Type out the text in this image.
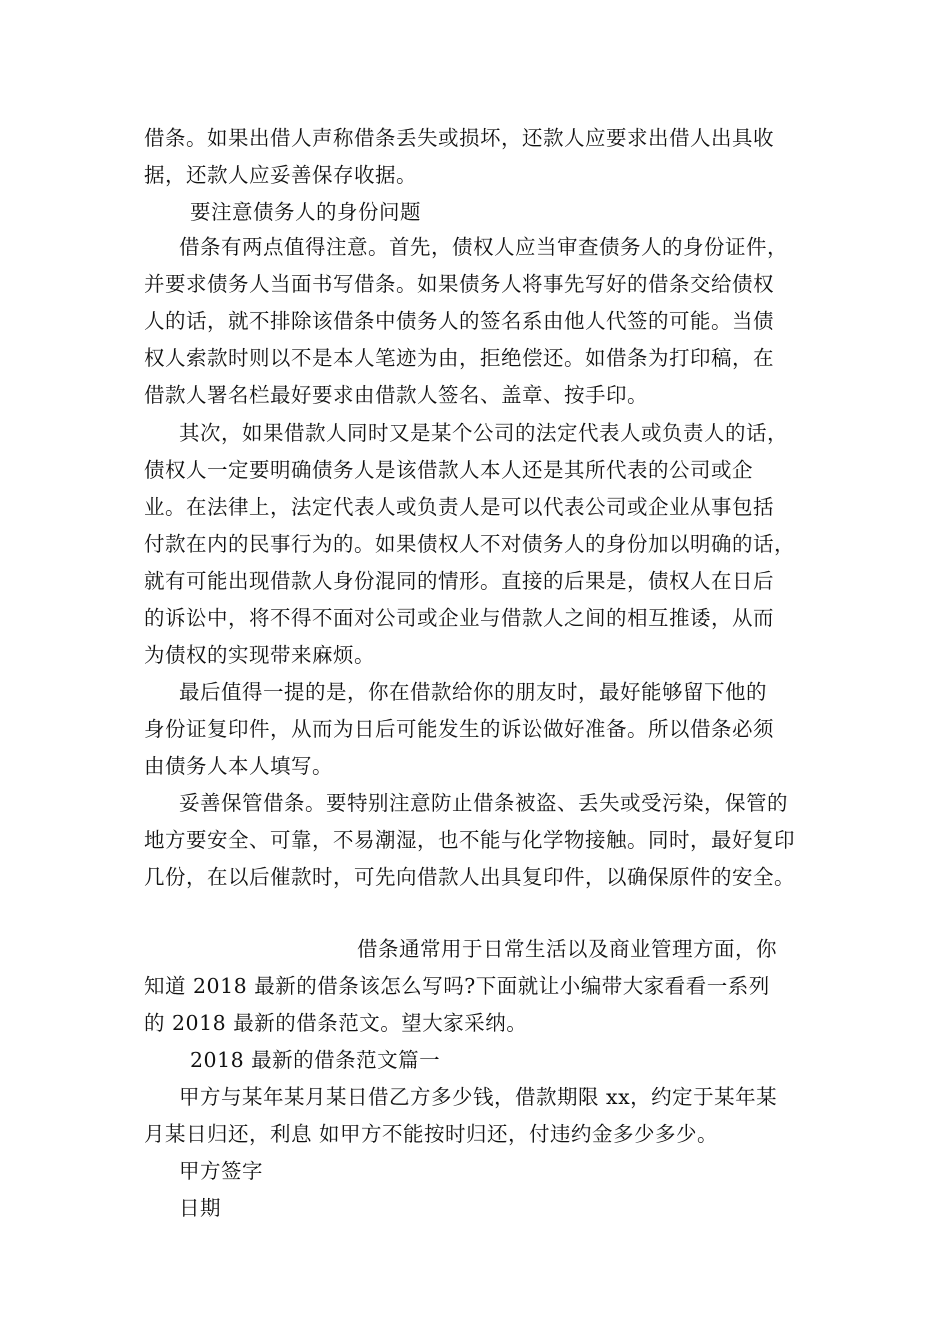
借条。如果出借人声称借条丢失或损坏，还款人应要求出借人出具收
据，还款人应妥善保存收据。
要注意债务人的身份问题
借条有两点值得注意。首先，债权人应当审查债务人的身份证件，
并要求债务人当面书写借条。如果债务人将事先写好的借条交给债权
人的话，就不排除该借条中债务人的签名系由他人代签的可能。当债
权人索款时则以不是本人笔迹为由，拒绝偿还。如借条为打印稿，在
借款人署名栏最好要求由借款人签名、盖章、按手印。
其次，如果借款人同时又是某个公司的法定代表人或负责人的话，
债权人一定要明确债务人是该借款人本人还是其所代表的公司或企
业。在法律上，法定代表人或负责人是可以代表公司或企业从事包括
付款在内的民事行为的。如果债权人不对债务人的身份加以明确的话，
就有可能出现借款人身份混同的情形。直接的后果是，债权人在日后
的诉讼中，将不得不面对公司或企业与借款人之间的相互推诿，从而
为债权的实现带来麻烦。
最后值得一提的是，你在借款给你的朋友时，最好能够留下他的
身份证复印件，从而为日后可能发生的诉讼做好准备。所以借条必须
由债务人本人填写。
妥善保管借条。要特别注意防止借条被盗、丢失或受污染，保管的
地方要安全、可靠，不易潮湿，也不能与化学物接触。同时，最好复印
几份，在以后催款时，可先向借款人出具复印件，以确保原件的安全。
借条通常用于日常生活以及商业管理方面，你
知道 2018 最新的借条该怎么写吗?下面就让小编带大家看看一系列
的 2018 最新的借条范文。望大家采纳。
2018 最新的借条范文篇一
甲方与某年某月某日借乙方多少钱，借款期限 xx，约定于某年某
月某日归还，利息 如甲方不能按时归还，付违约金多少多少。
甲方签字
日期
